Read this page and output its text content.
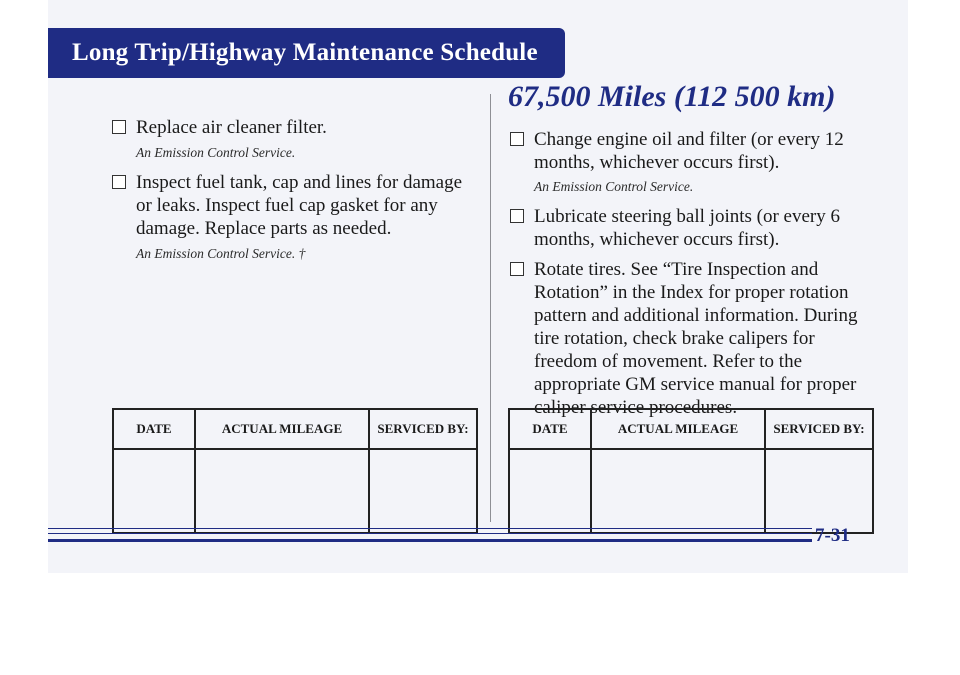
Long Trip/Highway Maintenance Schedule
Replace air cleaner filter.
An Emission Control Service.
Inspect fuel tank, cap and lines for damage or leaks. Inspect fuel cap gasket for any damage. Replace parts as needed.
An Emission Control Service. †
67,500 Miles (112 500 km)
Change engine oil and filter (or every 12 months, whichever occurs first).
An Emission Control Service.
Lubricate steering ball joints (or every 6 months, whichever occurs first).
Rotate tires. See “Tire Inspection and Rotation” in the Index for proper rotation pattern and additional information. During tire rotation, check brake calipers for freedom of movement. Refer to the appropriate GM service manual for proper caliper service procedures.
DATE	ACTUAL MILEAGE	SERVICED BY:
			DATE	ACTUAL MILEAGE	SERVICED BY:

7-31
